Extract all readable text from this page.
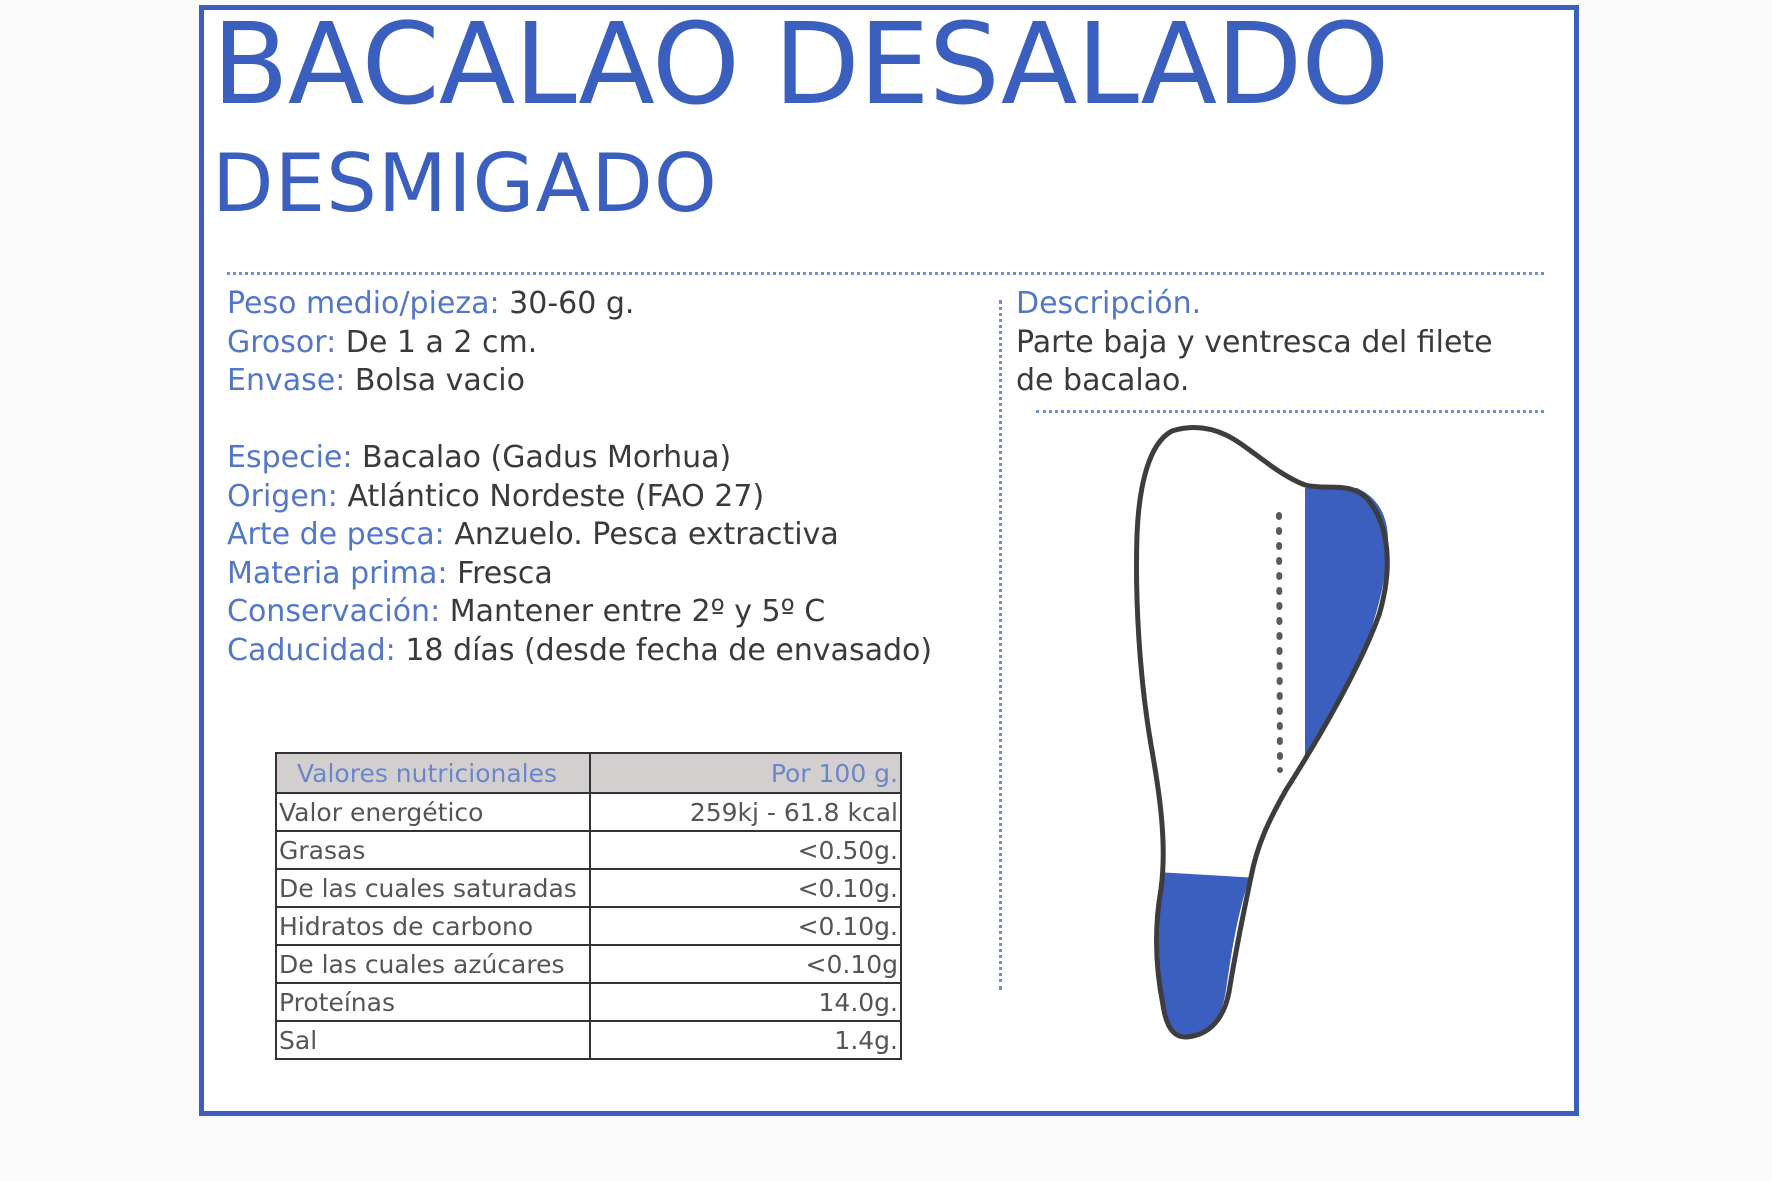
BACALAO DESALADO
DESMIGADO
Peso medio/pieza: 30-60 g.
Grosor: De 1 a 2 cm.
Envase: Bolsa vacio
Especie: Bacalao (Gadus Morhua)
Origen: Atlántico Nordeste (FAO 27)
Arte de pesca: Anzuelo. Pesca extractiva
Materia prima: Fresca
Conservación: Mantener entre 2º y 5º C
Caducidad: 18 días (desde fecha de envasado)
Descripción.
Parte baja y ventresca del filete
de bacalao.
Valores nutricionales	Por 100 g.
Valor energético	259kj - 61.8 kcal
Grasas	<0.50g.
De las cuales saturadas	<0.10g.
Hidratos de carbono	<0.10g.
De las cuales azúcares	<0.10g
Proteínas	14.0g.
Sal	1.4g.
